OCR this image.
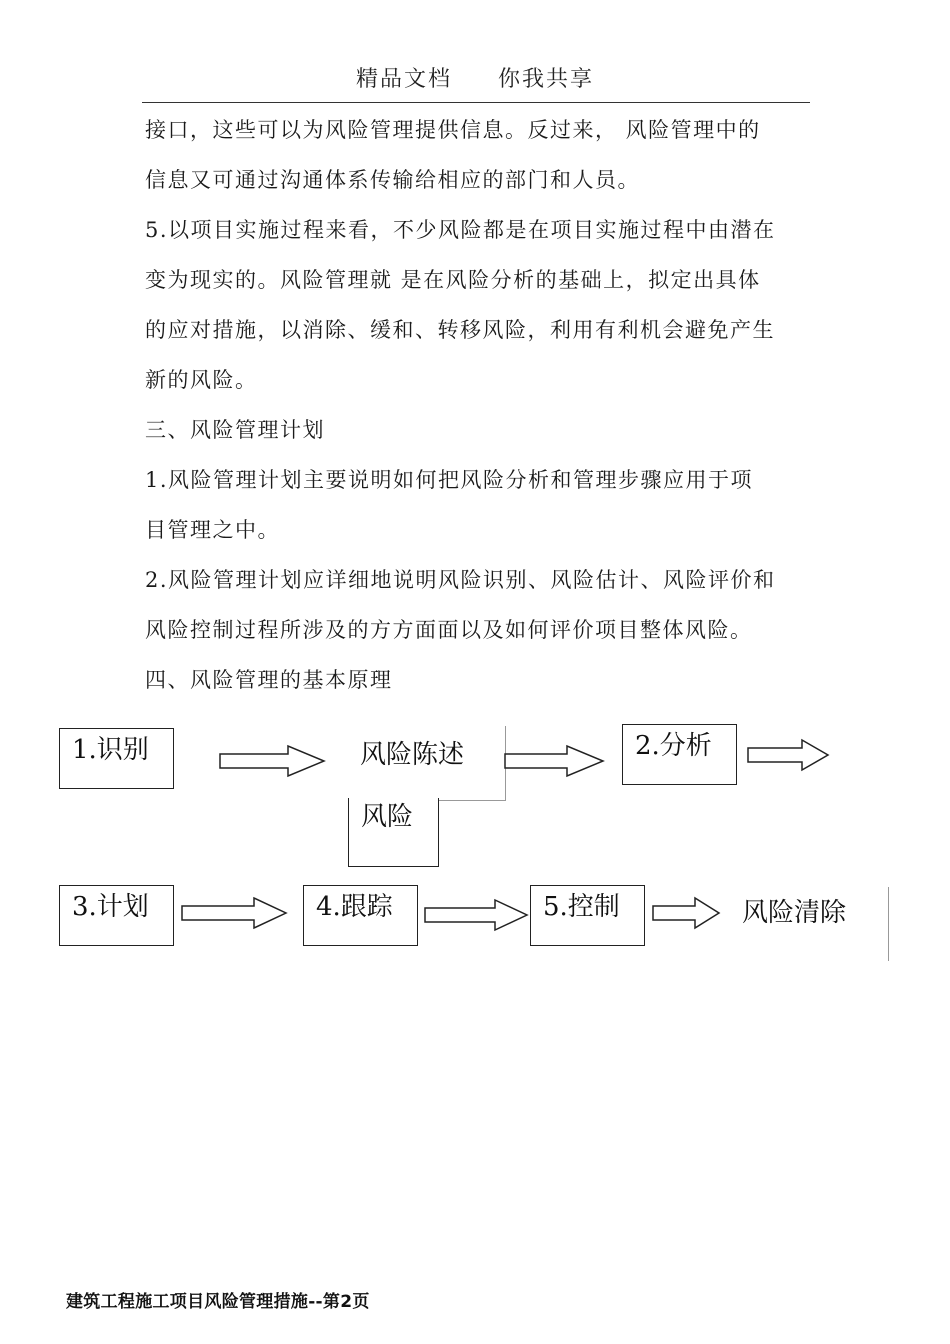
精品文档 你我共享
接口，这些可以为风险管理提供信息。反过来， 风险管理中的
信息又可通过沟通体系传输给相应的部门和人员。
5.以项目实施过程来看，不少风险都是在项目实施过程中由潜在
变为现实的。风险管理就 是在风险分析的基础上，拟定出具体
的应对措施，以消除、缓和、转移风险，利用有利机会避免产生
新的风险。
三、风险管理计划
1.风险管理计划主要说明如何把风险分析和管理步骤应用于项
目管理之中。
2.风险管理计划应详细地说明风险识别、风险估计、风险评价和
风险控制过程所涉及的方方面面以及如何评价项目整体风险。
四、风险管理的基本原理
1.识别	风险陈述	2.分析
风险
3.计划	4.跟踪	5.控制	风险清除
建筑工程施工项目风险管理措施--第2页
